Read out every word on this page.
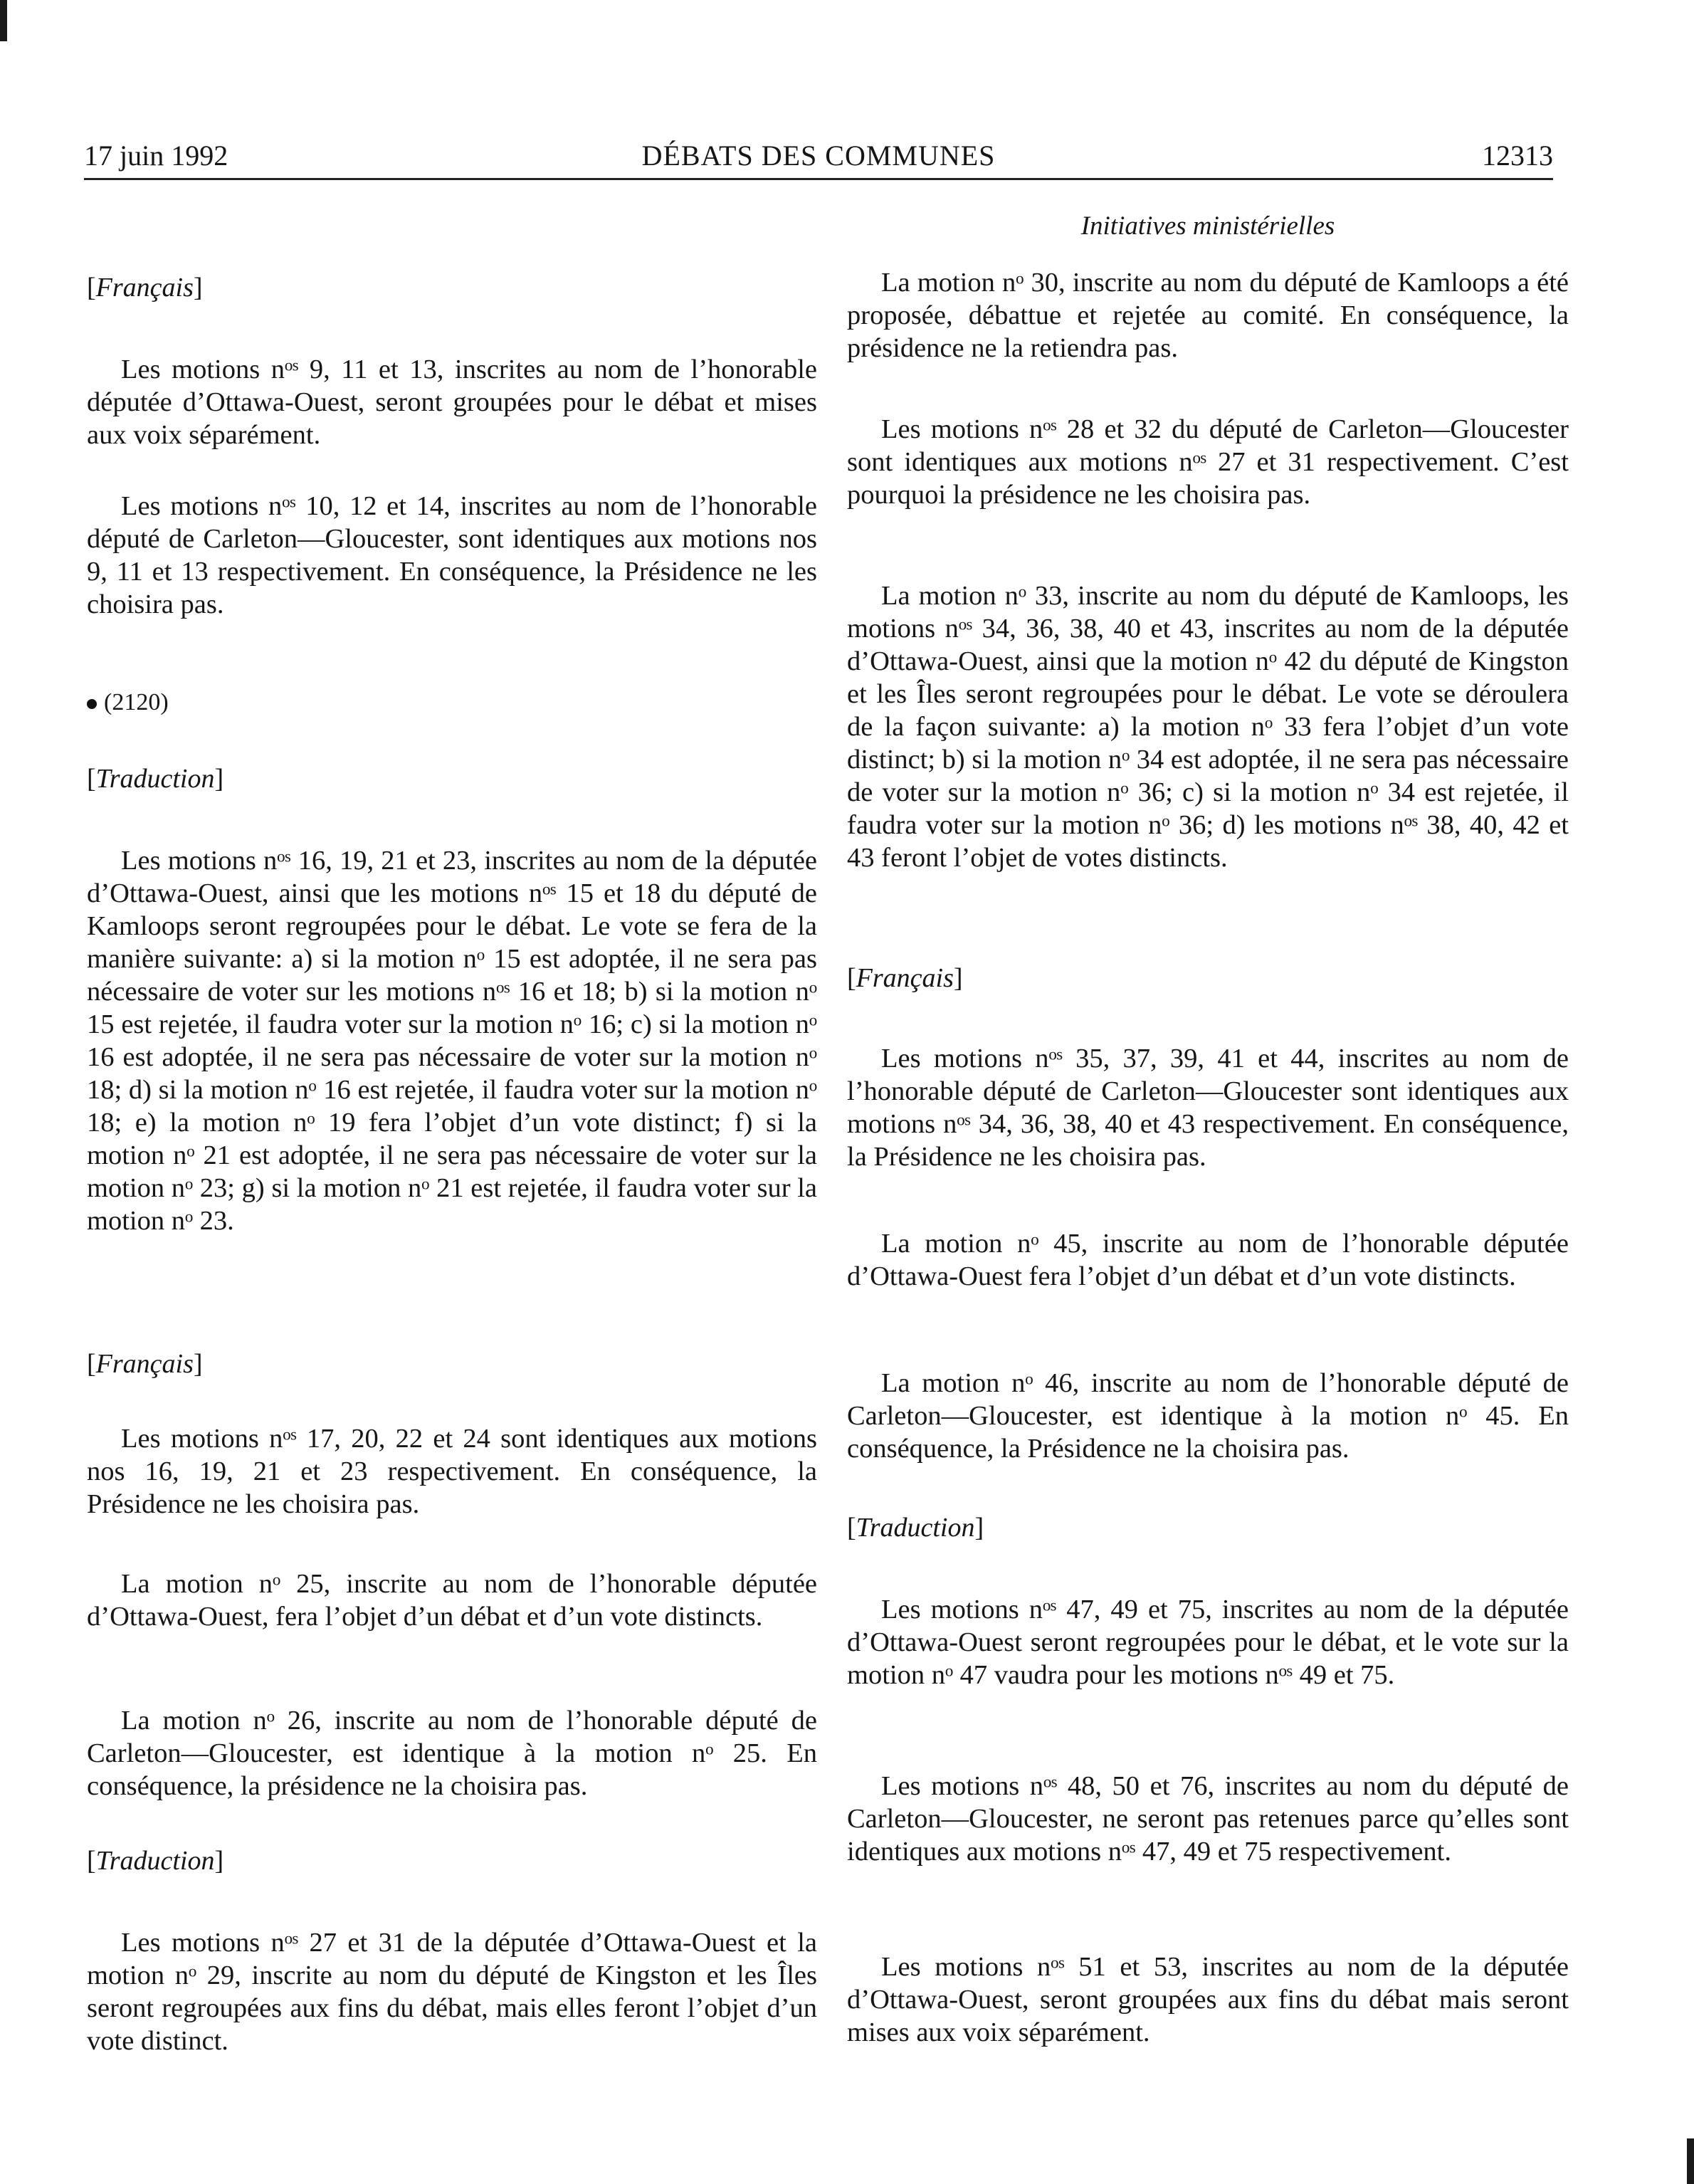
17 juin 1992	DÉBATS DES COMMUNES	12313
Initiatives ministérielles
[Français]

Les motions nᵒˢ 9, 11 et 13, inscrites au nom de l’honorable députée d’Ottawa-Ouest, seront groupées pour le débat et mises aux voix séparément.

Les motions nᵒˢ 10, 12 et 14, inscrites au nom de l’honorable député de Carleton—Gloucester, sont identiques aux motions nos 9, 11 et 13 respectivement. En conséquence, la Présidence ne les choisira pas.

(2120)
[Traduction]

Les motions nᵒˢ 16, 19, 21 et 23, inscrites au nom de la députée d’Ottawa-Ouest, ainsi que les motions nᵒˢ 15 et 18 du député de Kamloops seront regroupées pour le débat. Le vote se fera de la manière suivante: a) si la motion nᵒ 15 est adoptée, il ne sera pas nécessaire de voter sur les motions nᵒˢ 16 et 18; b) si la motion nᵒ 15 est rejetée, il faudra voter sur la motion nᵒ 16; c) si la motion nᵒ 16 est adoptée, il ne sera pas nécessaire de voter sur la motion nᵒ 18; d) si la motion nᵒ 16 est rejetée, il faudra voter sur la motion nᵒ 18; e) la motion nᵒ 19 fera l’objet d’un vote distinct; f) si la motion nᵒ 21 est adoptée, il ne sera pas nécessaire de voter sur la motion nᵒ 23; g) si la motion nᵒ 21 est rejetée, il faudra voter sur la motion nᵒ 23.

[Français]

Les motions nᵒˢ 17, 20, 22 et 24 sont identiques aux motions nos 16, 19, 21 et 23 respectivement. En conséquence, la Présidence ne les choisira pas.

La motion nᵒ 25, inscrite au nom de l’honorable députée d’Ottawa-Ouest, fera l’objet d’un débat et d’un vote distincts.

La motion nᵒ 26, inscrite au nom de l’honorable député de Carleton—Gloucester, est identique à la motion nᵒ 25. En conséquence, la présidence ne la choisira pas.

[Traduction]

Les motions nᵒˢ 27 et 31 de la députée d’Ottawa-Ouest et la motion nᵒ 29, inscrite au nom du député de Kingston et les Îles seront regroupées aux fins du débat, mais elles feront l’objet d’un vote distinct.

La motion nᵒ 30, inscrite au nom du député de Kamloops a été proposée, débattue et rejetée au comité. En conséquence, la présidence ne la retiendra pas.

Les motions nᵒˢ 28 et 32 du député de Carleton—Gloucester sont identiques aux motions nᵒˢ 27 et 31 respectivement. C’est pourquoi la présidence ne les choisira pas.

La motion nᵒ 33, inscrite au nom du député de Kamloops, les motions nᵒˢ 34, 36, 38, 40 et 43, inscrites au nom de la députée d’Ottawa-Ouest, ainsi que la motion nᵒ 42 du député de Kingston et les Îles seront regroupées pour le débat. Le vote se déroulera de la façon suivante: a) la motion nᵒ 33 fera l’objet d’un vote distinct; b) si la motion nᵒ 34 est adoptée, il ne sera pas nécessaire de voter sur la motion nᵒ 36; c) si la motion nᵒ 34 est rejetée, il faudra voter sur la motion nᵒ 36; d) les motions nᵒˢ 38, 40, 42 et 43 feront l’objet de votes distincts.

[Français]

Les motions nᵒˢ 35, 37, 39, 41 et 44, inscrites au nom de l’honorable député de Carleton—Gloucester sont identiques aux motions nᵒˢ 34, 36, 38, 40 et 43 respectivement. En conséquence, la Présidence ne les choisira pas.

La motion nᵒ 45, inscrite au nom de l’honorable députée d’Ottawa-Ouest fera l’objet d’un débat et d’un vote distincts.

La motion nᵒ 46, inscrite au nom de l’honorable député de Carleton—Gloucester, est identique à la motion nᵒ 45. En conséquence, la Présidence ne la choisira pas.

[Traduction]

Les motions nᵒˢ 47, 49 et 75, inscrites au nom de la députée d’Ottawa-Ouest seront regroupées pour le débat, et le vote sur la motion nᵒ 47 vaudra pour les motions nᵒˢ 49 et 75.

Les motions nᵒˢ 48, 50 et 76, inscrites au nom du député de Carleton—Gloucester, ne seront pas retenues parce qu’elles sont identiques aux motions nᵒˢ 47, 49 et 75 respectivement.

Les motions nᵒˢ 51 et 53, inscrites au nom de la députée d’Ottawa-Ouest, seront groupées aux fins du débat mais seront mises aux voix séparément.
